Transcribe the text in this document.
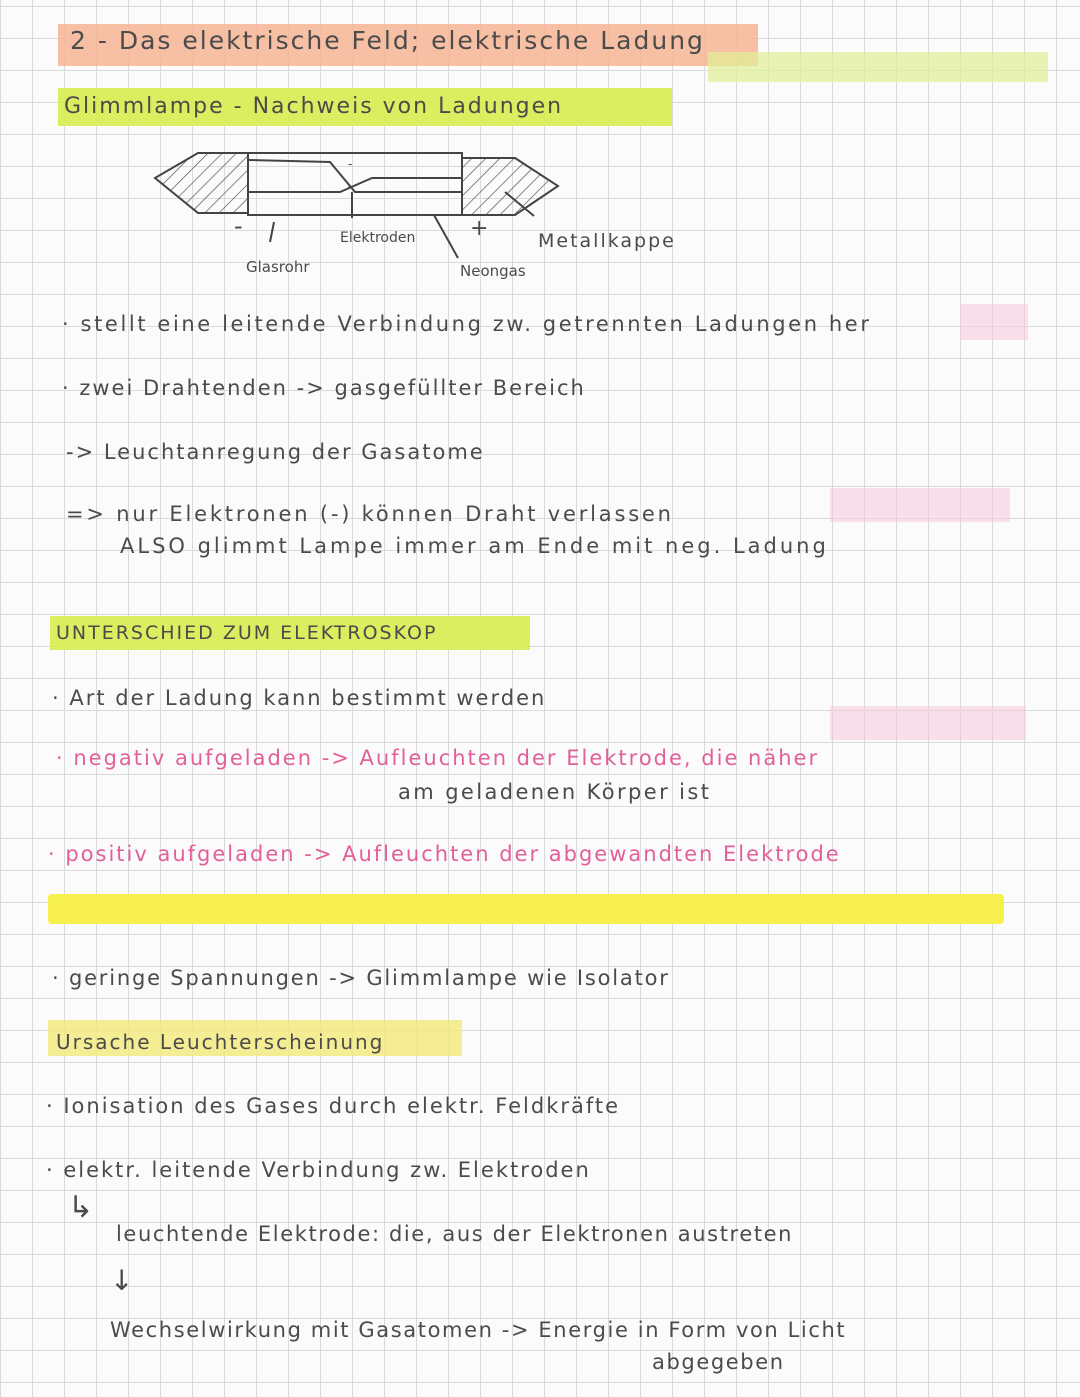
2 - Das elektrische Feld; elektrische Ladung
Glimmlampe - Nachweis von Ladungen
-
-
-	+
Elektroden	Metallkappe
Glasrohr	Neongas
· stellt eine leitende Verbindung zw. getrennten Ladungen her
· zwei Drahtenden -> gasgefüllter Bereich
-> Leuchtanregung der Gasatome
=> nur Elektronen (-) können Draht verlassen
ALSO glimmt Lampe immer am Ende mit neg. Ladung
UNTERSCHIED ZUM ELEKTROSKOP
· Art der Ladung kann bestimmt werden
· negativ aufgeladen -> Aufleuchten der Elektrode, die näher
am geladenen Körper ist
· positiv aufgeladen -> Aufleuchten der abgewandten Elektrode
· geringe Spannungen -> Glimmlampe wie Isolator
Ursache Leuchterscheinung
· Ionisation des Gases durch elektr. Feldkräfte
· elektr. leitende Verbindung zw. Elektroden
↳
leuchtende Elektrode: die, aus der Elektronen austreten
↓
Wechselwirkung mit Gasatomen -> Energie in Form von Licht
abgegeben
